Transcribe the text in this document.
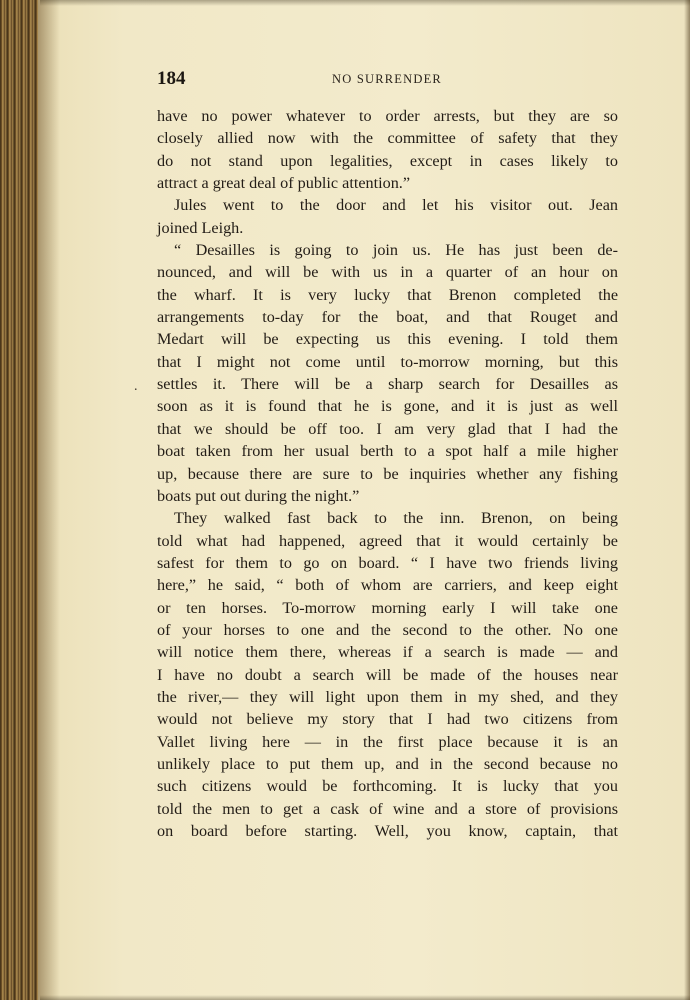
184	NO SURRENDER
.
have no power whatever to order arrests, but they are so
closely allied now with the committee of safety that they
do not stand upon legalities, except in cases likely to
attract a great deal of public attention.”
Jules went to the door and let his visitor out. Jean
joined Leigh.
“ Desailles is going to join us. He has just been de-
nounced, and will be with us in a quarter of an hour on
the wharf. It is very lucky that Brenon completed the
arrangements to-day for the boat, and that Rouget and
Medart will be expecting us this evening. I told them
that I might not come until to-morrow morning, but this
settles it. There will be a sharp search for Desailles as
soon as it is found that he is gone, and it is just as well
that we should be off too. I am very glad that I had the
boat taken from her usual berth to a spot half a mile higher
up, because there are sure to be inquiries whether any fishing
boats put out during the night.”
They walked fast back to the inn. Brenon, on being
told what had happened, agreed that it would certainly be
safest for them to go on board. “ I have two friends living
here,” he said, “ both of whom are carriers, and keep eight
or ten horses. To-morrow morning early I will take one
of your horses to one and the second to the other. No one
will notice them there, whereas if a search is made — and
I have no doubt a search will be made of the houses near
the river,— they will light upon them in my shed, and they
would not believe my story that I had two citizens from
Vallet living here — in the first place because it is an
unlikely place to put them up, and in the second because no
such citizens would be forthcoming. It is lucky that you
told the men to get a cask of wine and a store of provisions
on board before starting. Well, you know, captain, that
